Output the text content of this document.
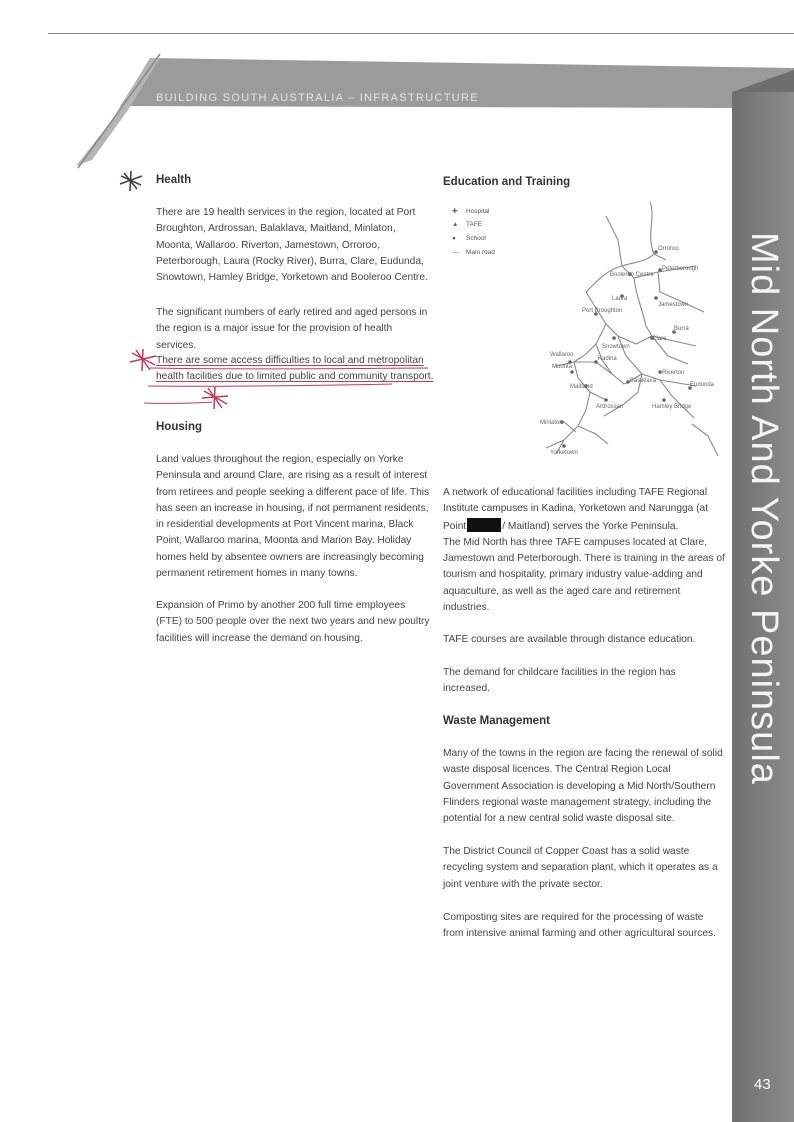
BUILDING SOUTH AUSTRALIA – INFRASTRUCTURE
Mid North And Yorke Peninsula
43
Health

There are 19 health services in the region, located at Port Broughton, Ardrossan, Balaklava, Maitland, Minlaton, Moonta, Wallaroo. Riverton, Jamestown, Orroroo, Peterborough, Laura (Rocky River), Burra, Clare, Eudunda, Snowtown, Hamley Bridge, Yorketown and Booleroo Centre.

The significant numbers of early retired and aged persons in the region is a major issue for the provision of health services.

There are some access difficulties to local and metropolitan health facilities due to limited public and community transport.

Housing

Land values throughout the region, especially on Yorke Peninsula and around Clare, are rising as a result of interest from retirees and people seeking a different pace of life. This has seen an increase in housing, if not permanent residents, in residential developments at Port Vincent marina, Black Point, Wallaroo marina, Moonta and Marion Bay. Holiday homes held by absentee owners are increasingly becoming permanent retirement homes in many towns.

Expansion of Primo by another 200 full time employees (FTE) to 500 people over the next two years and new poultry facilities will increase the demand on housing.

Education and Training
✚ Hospital
▲ TAFE
● School
— Main road	Orroroo
Booleroo Centre
Peterborough
Laura
Jamestown
Port Broughton
Snowtown
Burra
Clare
Wallaroo
Kadina
Moonta
Riverton
Maitland
Balaklava
Eudunda
Ardrossan	Hamley Bridge
Minlaton
Yorketown

A network of educational facilities including TAFE Regional Institute campuses in Kadina, Yorketown and Narungga (at Point	/ Maitland) serves the Yorke Peninsula.
The Mid North has three TAFE campuses located at Clare, Jamestown and Peterborough. There is training in the areas of tourism and hospitality, primary industry value-adding and aquaculture, as well as the aged care and retirement industries.

TAFE courses are available through distance education.

The demand for childcare facilities in the region has increased.

Waste Management

Many of the towns in the region are facing the renewal of solid waste disposal licences. The Central Region Local Government Association is developing a Mid North/Southern Flinders regional waste management strategy, including the potential for a new central solid waste disposal site.

The District Council of Copper Coast has a solid waste recycling system and separation plant, which it operates as a joint venture with the private sector.

Composting sites are required for the processing of waste from intensive animal farming and other agricultural sources.
